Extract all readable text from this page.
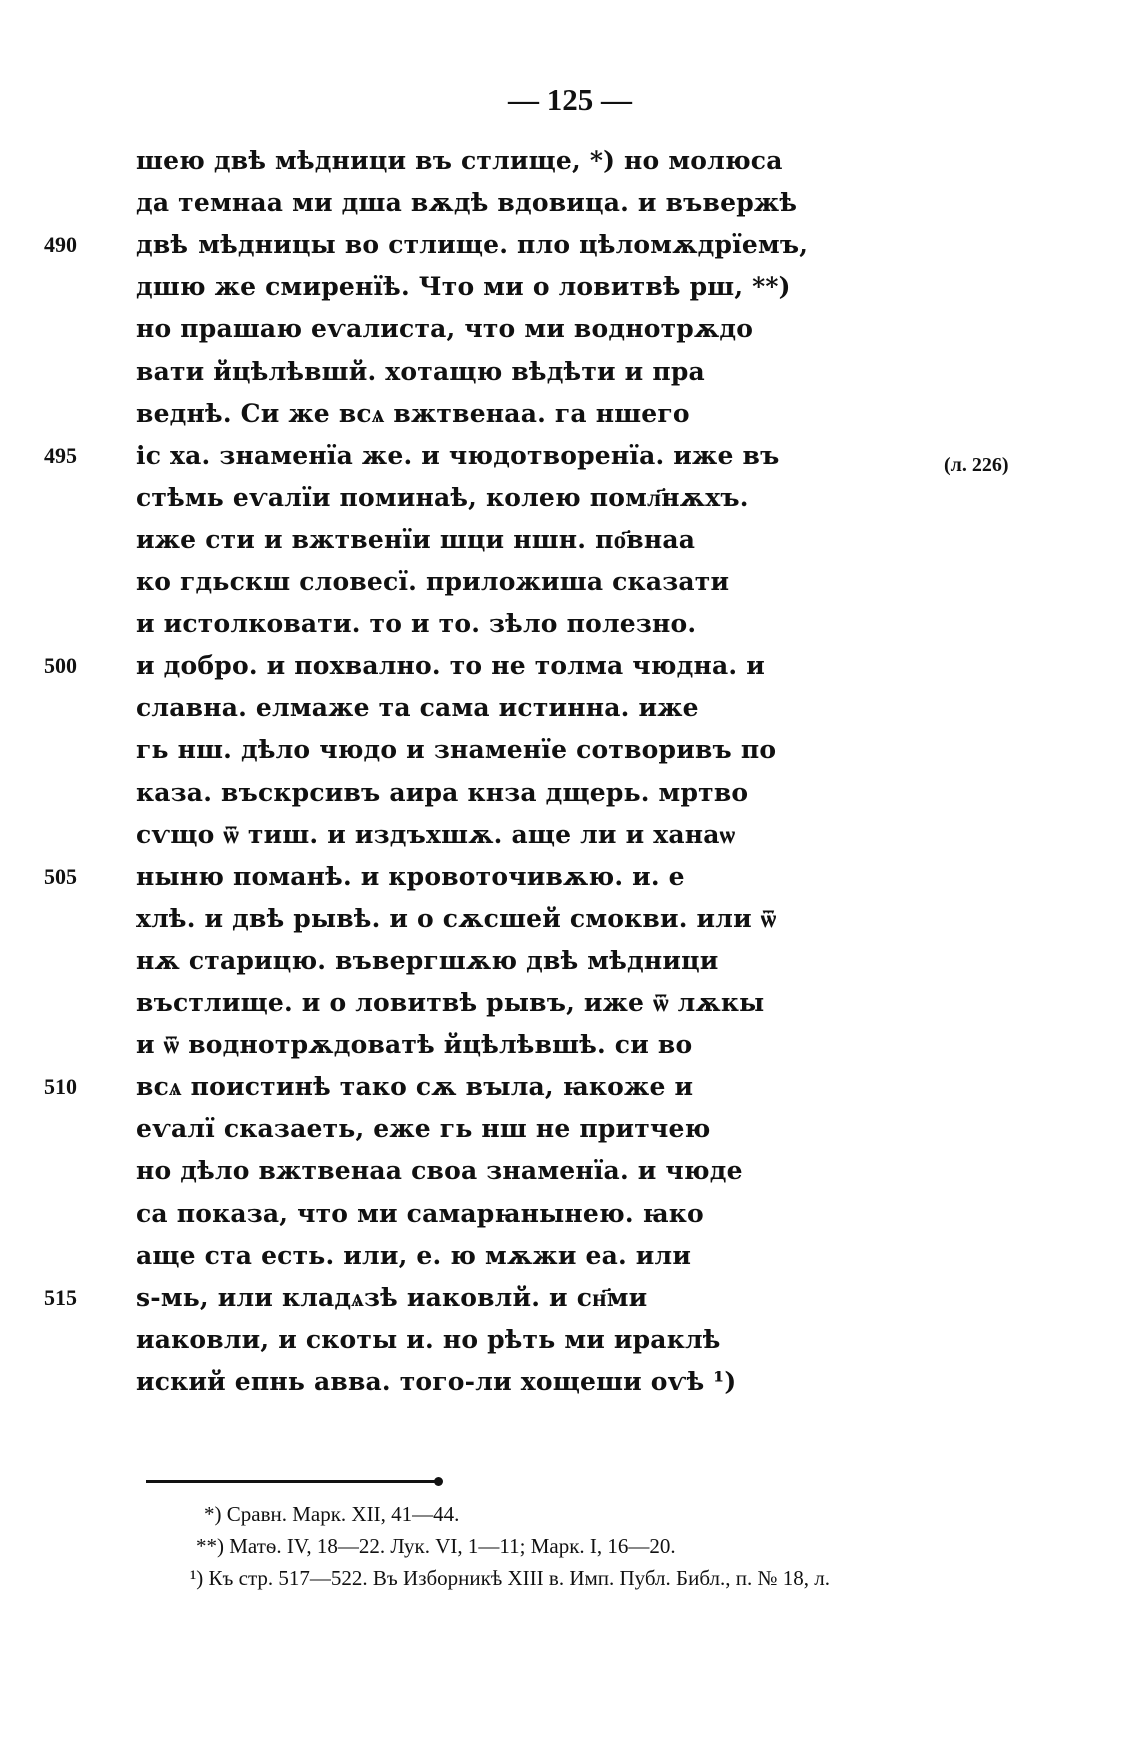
— 125 —
шею двѣ мѣдници въ стлище, *) но молюса
да темнаа ми дша вѫдѣ вдовица. и въвержѣ
двѣ мѣдницы во стлище. пло цѣломѫдрїемъ,
490
дшю же смиренїѣ. Что ми о ловитвѣ рш, **)
но прашаю еѵалиста, что ми воднотрѫдо
вати йцѣлѣвшй. хотащю вѣдѣти и пра
веднѣ. Си же всѧ вжтвенаа. га ншего
ic ха. знаменїа же. и чюдотворенїа. иже въ
495
стѣмь еѵалїи поминаѣ, колею помл҃нѫхъ.
иже сти и вжтвенїи шци ншн. по҃внаа
ко гдьскш словесї. приложиша сказати
и истолковати. то и то. зѣло полезно.
и добро. и похвално. то не толма чюдна. и
500
славна. елмаже та сама истинна. иже
гь нш. дѣло чюдо и знаменїе сотворивъ по
каза. въскрсивъ аира кнза дщерь. мртво
сѵщо ѿ тиш. и издъхшѫ. аще ли и ханаѡ
ныню поманѣ. и кровоточивѫю. и. е
505
хлѣ. и двѣ рывѣ. и о сѫсшей смокви. или ѿ
нѫ старицю. въвергшѫю двѣ мѣдници
въстлище. и о ловитвѣ рывъ, иже ѿ лѫкы
и ѿ воднотрѫдоватѣ йцѣлѣвшѣ. си во
всѧ поистинѣ тако сѫ вꙑла, ꙗкоже и
510
еѵалї сказаеть, еже гь нш не притчею
но дѣло вжтвенаа своа знаменїа. и чюде
са показа, что ми самарꙗнынею. ꙗко
аще ста есть. или, е. ю мѫжи еа. или
ѕ-мь, или кладѧзѣ иаковлй. и сн҃ми
515
иаковли, и скоты и. но рѣть ми ираклѣ
иский епнь авва. того-ли хощеши оѵѣ ¹)
(л. 226)
*) Сравн. Марк. XII, 41—44.
**) Матѳ. IV, 18—22. Лук. VI, 1—11; Марк. I, 16—20.
¹) Къ стр. 517—522. Въ Изборникѣ XIII в. Имп. Публ. Библ., п. № 18, л.
